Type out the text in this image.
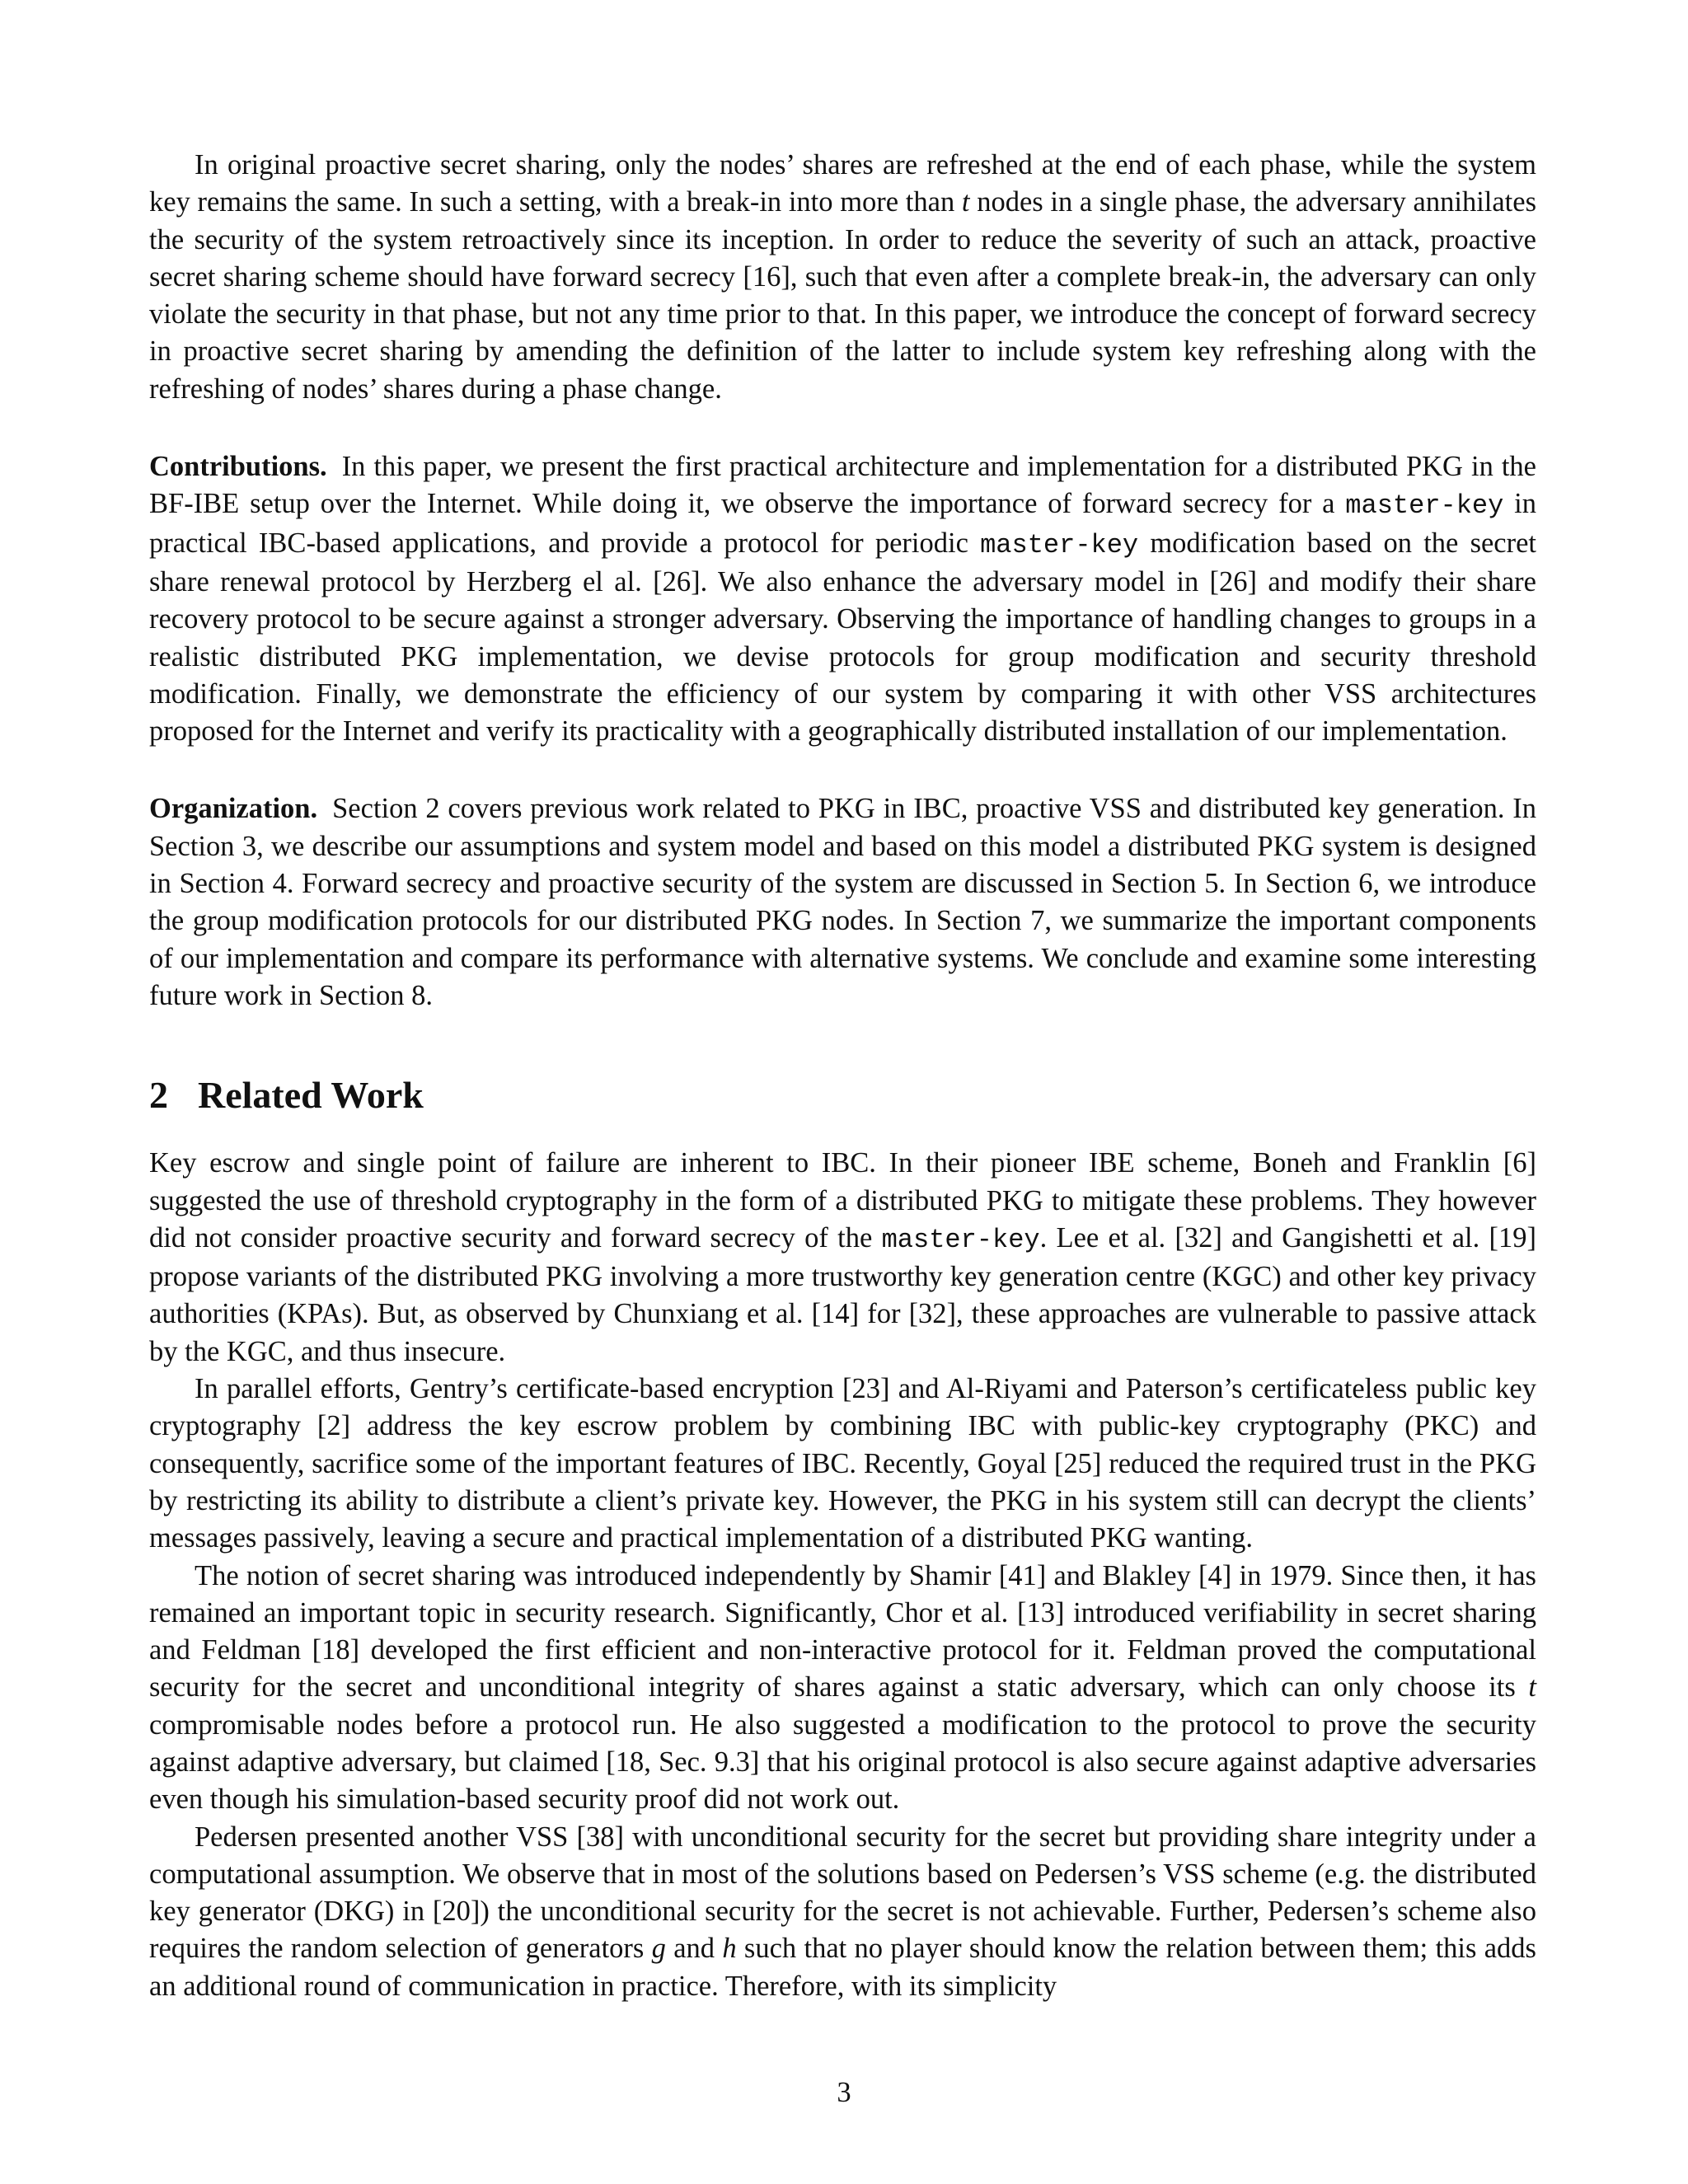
In original proactive secret sharing, only the nodes’ shares are refreshed at the end of each phase, while the system key remains the same. In such a setting, with a break-in into more than t nodes in a single phase, the adversary annihilates the security of the system retroactively since its inception. In order to reduce the severity of such an attack, proactive secret sharing scheme should have forward secrecy [16], such that even after a complete break-in, the adversary can only violate the security in that phase, but not any time prior to that. In this paper, we introduce the concept of forward secrecy in proactive secret sharing by amending the definition of the latter to include system key refreshing along with the refreshing of nodes’ shares during a phase change.

Contributions. In this paper, we present the first practical architecture and implementation for a distributed PKG in the BF-IBE setup over the Internet. While doing it, we observe the importance of forward secrecy for a master-key in practical IBC-based applications, and provide a protocol for periodic master-key modification based on the secret share renewal protocol by Herzberg el al. [26]. We also enhance the adversary model in [26] and modify their share recovery protocol to be secure against a stronger adversary. Observing the importance of handling changes to groups in a realistic distributed PKG implementation, we devise protocols for group modification and security threshold modification. Finally, we demonstrate the efficiency of our system by comparing it with other VSS architectures proposed for the Internet and verify its practicality with a geographically distributed installation of our implementation.

Organization. Section 2 covers previous work related to PKG in IBC, proactive VSS and distributed key generation. In Section 3, we describe our assumptions and system model and based on this model a distributed PKG system is designed in Section 4. Forward secrecy and proactive security of the system are discussed in Section 5. In Section 6, we introduce the group modification protocols for our distributed PKG nodes. In Section 7, we summarize the important components of our implementation and compare its performance with alternative systems. We conclude and examine some interesting future work in Section 8.

2 Related Work

Key escrow and single point of failure are inherent to IBC. In their pioneer IBE scheme, Boneh and Franklin [6] suggested the use of threshold cryptography in the form of a distributed PKG to mitigate these problems. They however did not consider proactive security and forward secrecy of the master-key. Lee et al. [32] and Gangishetti et al. [19] propose variants of the distributed PKG involving a more trustworthy key generation centre (KGC) and other key privacy authorities (KPAs). But, as observed by Chunxiang et al. [14] for [32], these approaches are vulnerable to passive attack by the KGC, and thus insecure.

In parallel efforts, Gentry’s certificate-based encryption [23] and Al-Riyami and Paterson’s certificateless public key cryptography [2] address the key escrow problem by combining IBC with public-key cryptography (PKC) and consequently, sacrifice some of the important features of IBC. Recently, Goyal [25] reduced the required trust in the PKG by restricting its ability to distribute a client’s private key. However, the PKG in his system still can decrypt the clients’ messages passively, leaving a secure and practical implementation of a distributed PKG wanting.

The notion of secret sharing was introduced independently by Shamir [41] and Blakley [4] in 1979. Since then, it has remained an important topic in security research. Significantly, Chor et al. [13] introduced verifiability in secret sharing and Feldman [18] developed the first efficient and non-interactive protocol for it. Feldman proved the computational security for the secret and unconditional integrity of shares against a static adversary, which can only choose its t compromisable nodes before a protocol run. He also suggested a modification to the protocol to prove the security against adaptive adversary, but claimed [18, Sec. 9.3] that his original protocol is also secure against adaptive adversaries even though his simulation-based security proof did not work out.

Pedersen presented another VSS [38] with unconditional security for the secret but providing share integrity under a computational assumption. We observe that in most of the solutions based on Pedersen’s VSS scheme (e.g. the distributed key generator (DKG) in [20]) the unconditional security for the secret is not achievable. Further, Pedersen’s scheme also requires the random selection of generators g and h such that no player should know the relation between them; this adds an additional round of communication in practice. Therefore, with its simplicity

3
